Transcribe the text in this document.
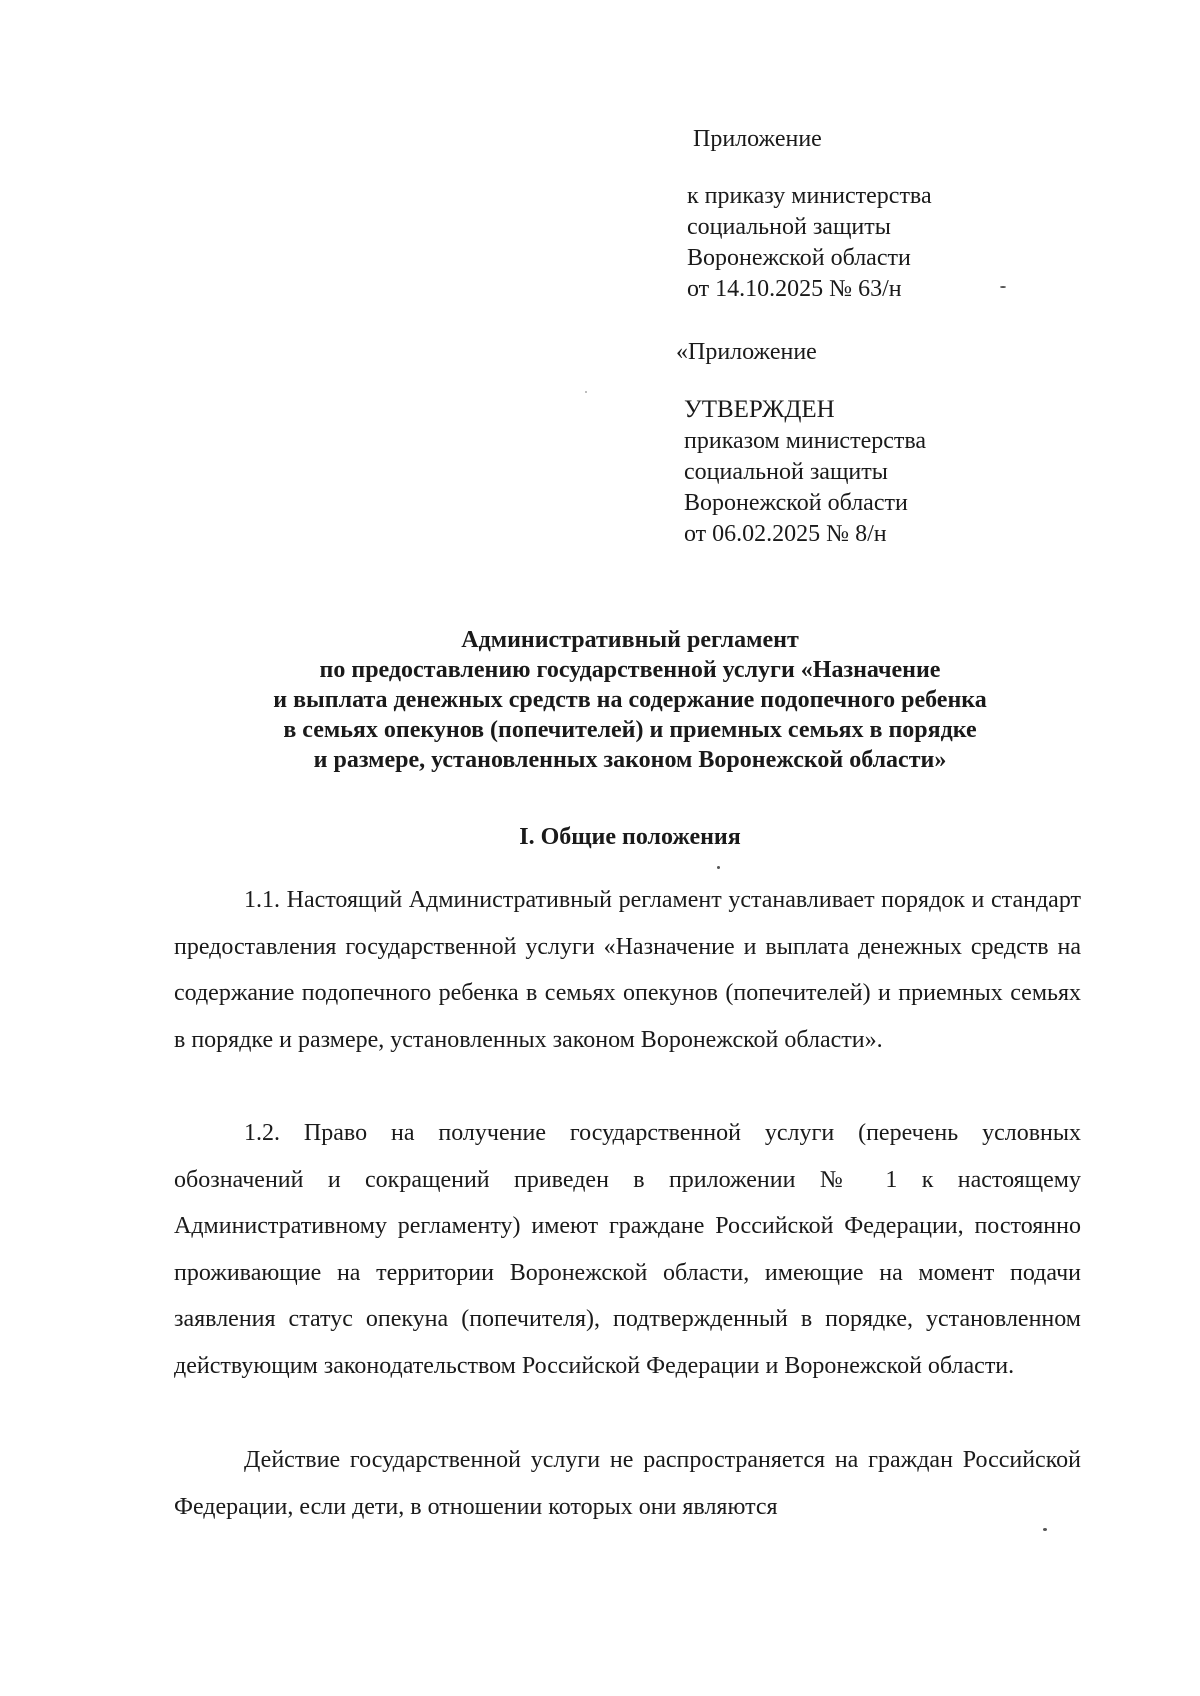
Приложение
к приказу министерства
социальной защиты
Воронежской области
от 14.10.2025 № 63/н
«Приложение
УТВЕРЖДЕН
приказом министерства
социальной защиты
Воронежской области
от 06.02.2025 № 8/н
Административный регламент
по предоставлению государственной услуги «Назначение
и выплата денежных средств на содержание подопечного ребенка
в семьях опекунов (попечителей) и приемных семьях в порядке
и размере, установленных законом Воронежской области»
I. Общие положения

1.1. Настоящий Административный регламент устанавливает порядок и стандарт предоставления государственной услуги «Назначение и выплата денежных средств на содержание подопечного ребенка в семьях опекунов (попечителей) и приемных семьях в порядке и размере, установленных законом Воронежской области».

1.2. Право на получение государственной услуги (перечень условных обозначений и сокращений приведен в приложении № 1 к настоящему Административному регламенту) имеют граждане Российской Федерации, постоянно проживающие на территории Воронежской области, имеющие на момент подачи заявления статус опекуна (попечителя), подтвержденный в порядке, установленном действующим законодательством Российской Федерации и Воронежской области.

Действие государственной услуги не распространяется на граждан Российской Федерации, если дети, в отношении которых они являются
